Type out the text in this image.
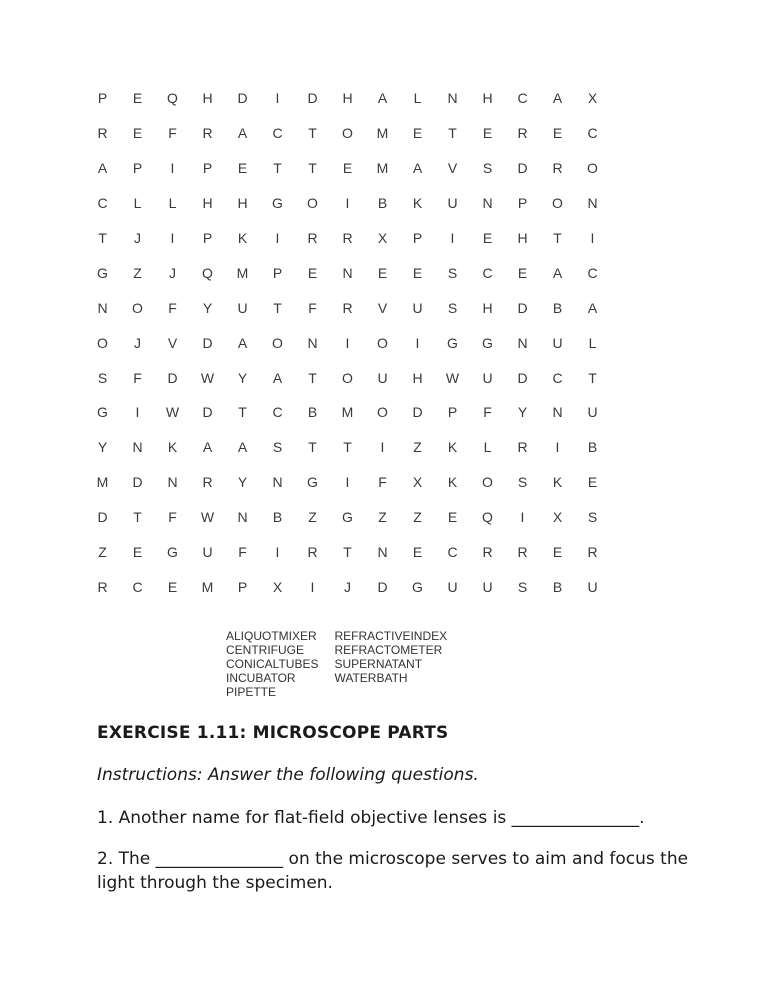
P	E	Q	H	D	I	D	H	A	L	N	H	C	A	X
R	E	F	R	A	C	T	O	M	E	T	E	R	E	C
A	P	I	P	E	T	T	E	M	A	V	S	D	R	O
C	L	L	H	H	G	O	I	B	K	U	N	P	O	N
T	J	I	P	K	I	R	R	X	P	I	E	H	T	I
G	Z	J	Q	M	P	E	N	E	E	S	C	E	A	C
N	O	F	Y	U	T	F	R	V	U	S	H	D	B	A
O	J	V	D	A	O	N	I	O	I	G	G	N	U	L
S	F	D	W	Y	A	T	O	U	H	W	U	D	C	T
G	I	W	D	T	C	B	M	O	D	P	F	Y	N	U
Y	N	K	A	A	S	T	T	I	Z	K	L	R	I	B
M	D	N	R	Y	N	G	I	F	X	K	O	S	K	E
D	T	F	W	N	B	Z	G	Z	Z	E	Q	I	X	S
Z	E	G	U	F	I	R	T	N	E	C	R	R	E	R
R	C	E	M	P	X	I	J	D	G	U	U	S	B	U
ALIQUOTMIXER
CENTRIFUGE
CONICALTUBES
INCUBATOR
PIPETTE
REFRACTIVEINDEX
REFRACTOMETER
SUPERNATANT
WATERBATH
EXERCISE 1.11: MICROSCOPE PARTS
Instructions: Answer the following questions.
1. Another name for flat-field objective lenses is _______________.
2. The _______________ on the microscope serves to aim and focus the light through the specimen.
